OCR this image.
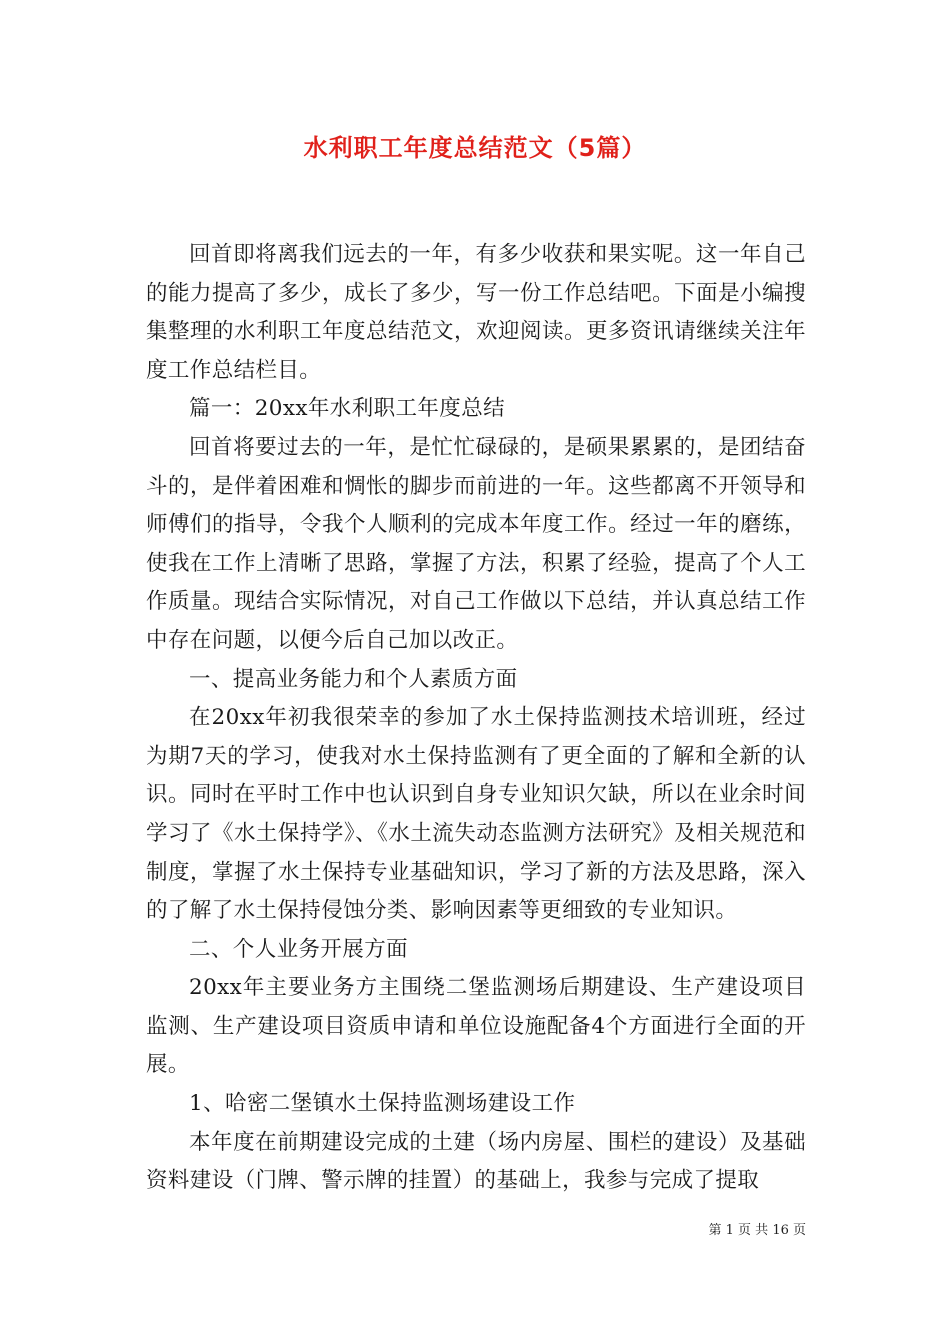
水利职工年度总结范文（5篇）

回首即将离我们远去的一年，有多少收获和果实呢。这一年自己的能力提高了多少，成长了多少，写一份工作总结吧。下面是小编搜集整理的水利职工年度总结范文，欢迎阅读。更多资讯请继续关注年度工作总结栏目。

篇一：20xx年水利职工年度总结

回首将要过去的一年，是忙忙碌碌的，是硕果累累的，是团结奋斗的，是伴着困难和惆怅的脚步而前进的一年。这些都离不开领导和师傅们的指导，令我个人顺利的完成本年度工作。经过一年的磨练，使我在工作上清晰了思路，掌握了方法，积累了经验，提高了个人工作质量。现结合实际情况，对自己工作做以下总结，并认真总结工作中存在问题，以便今后自己加以改正。

一、提高业务能力和个人素质方面

在20xx年初我很荣幸的参加了水土保持监测技术培训班，经过为期7天的学习，使我对水土保持监测有了更全面的了解和全新的认识。同时在平时工作中也认识到自身专业知识欠缺，所以在业余时间学习了《水土保持学》、《水土流失动态监测方法研究》及相关规范和制度，掌握了水土保持专业基础知识，学习了新的方法及思路，深入的了解了水土保持侵蚀分类、影响因素等更细致的专业知识。

二、个人业务开展方面

20xx年主要业务方主围绕二堡监测场后期建设、生产建设项目监测、生产建设项目资质申请和单位设施配备4个方面进行全面的开展。

1、哈密二堡镇水土保持监测场建设工作

本年度在前期建设完成的土建（场内房屋、围栏的建设）及基础资料建设（门牌、警示牌的挂置）的基础上，我参与完成了提取

第 1 页 共 16 页
